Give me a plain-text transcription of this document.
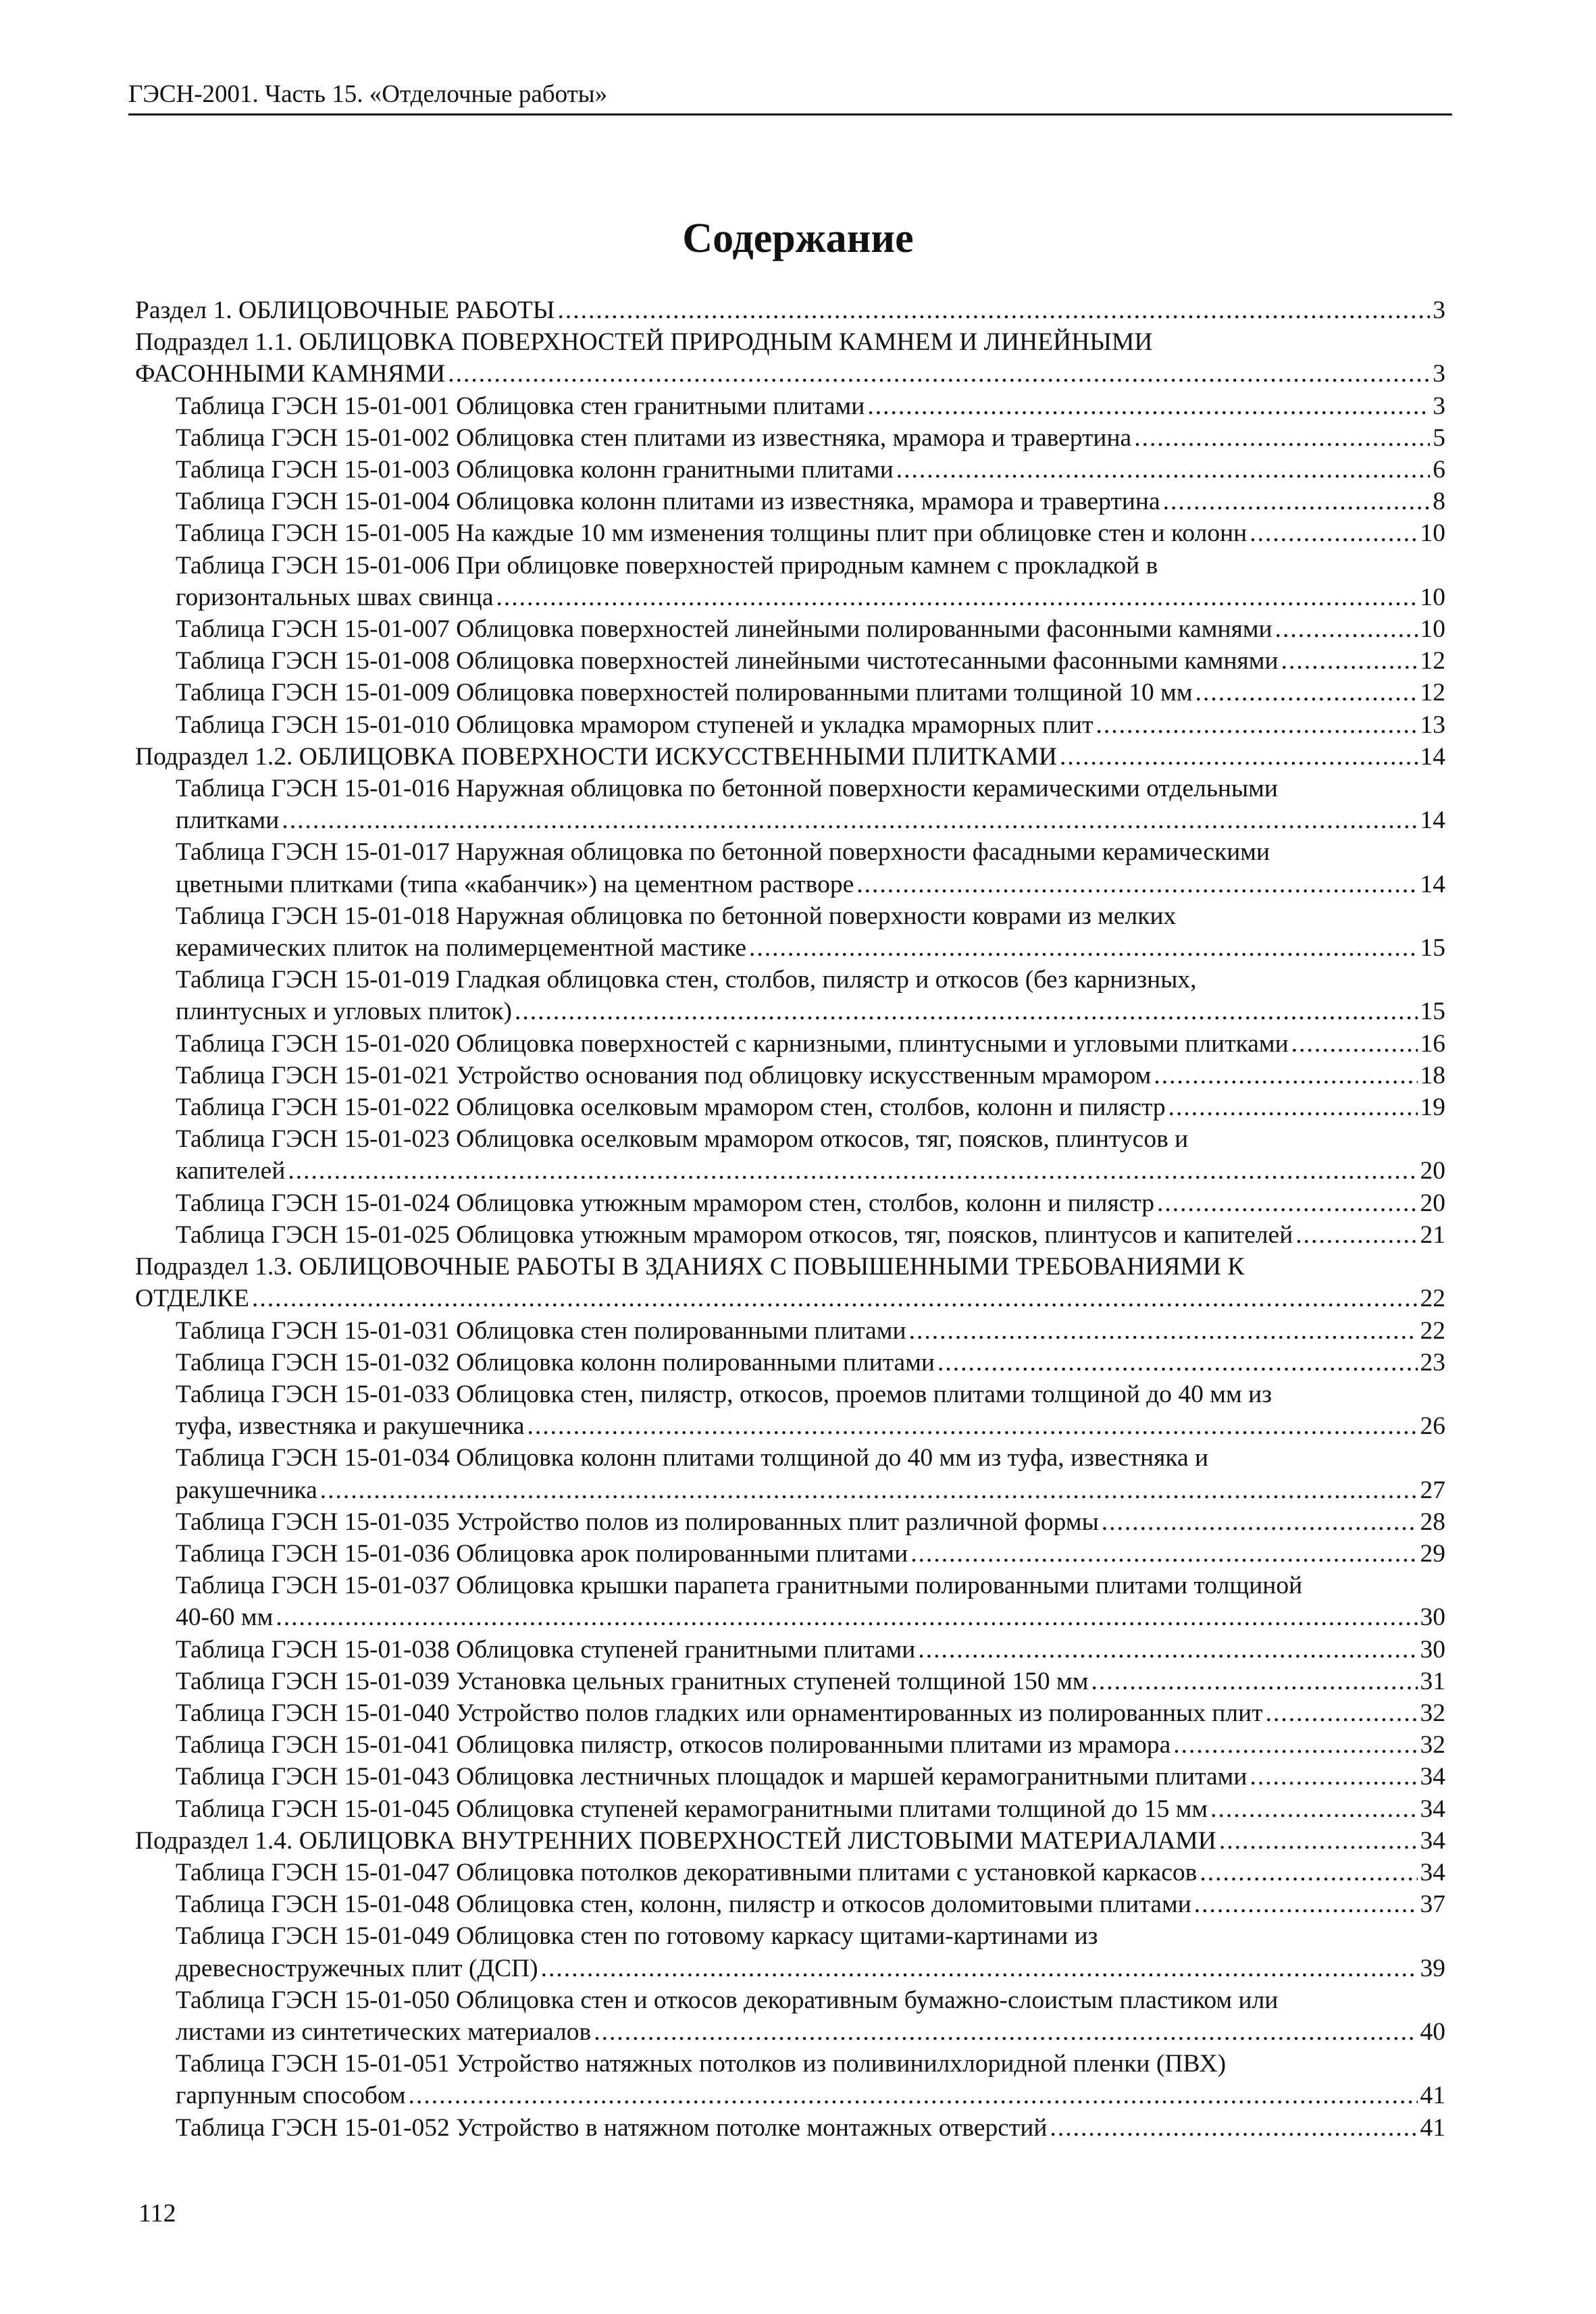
ГЭСН-2001. Часть 15. «Отделочные работы»
Содержание
Раздел 1. ОБЛИЦОВОЧНЫЕ РАБОТЫ .....	3
Подраздел 1.1. ОБЛИЦОВКА ПОВЕРХНОСТЕЙ ПРИРОДНЫМ КАМНЕМ И ЛИНЕЙНЫМИ
ФАСОННЫМИ КАМНЯМИ .....	3
Таблица ГЭСН 15-01-001 Облицовка стен гранитными плитами .....	3
Таблица ГЭСН 15-01-002 Облицовка стен плитами из известняка, мрамора и травертина .....	5
Таблица ГЭСН 15-01-003 Облицовка колонн гранитными плитами .....	6
Таблица ГЭСН 15-01-004 Облицовка колонн плитами из известняка, мрамора и травертина .....	8
Таблица ГЭСН 15-01-005 На каждые 10 мм изменения толщины плит при облицовке стен и колонн .....	10
Таблица ГЭСН 15-01-006 При облицовке поверхностей природным камнем с прокладкой в
горизонтальных швах свинца .....	10
Таблица ГЭСН 15-01-007 Облицовка поверхностей линейными полированными фасонными камнями .....	10
Таблица ГЭСН 15-01-008 Облицовка поверхностей линейными чистотесанными фасонными камнями .....	12
Таблица ГЭСН 15-01-009 Облицовка поверхностей полированными плитами толщиной 10 мм .....	12
Таблица ГЭСН 15-01-010 Облицовка мрамором ступеней и укладка мраморных плит .....	13
Подраздел 1.2. ОБЛИЦОВКА ПОВЕРХНОСТИ ИСКУССТВЕННЫМИ ПЛИТКАМИ .....	14
Таблица ГЭСН 15-01-016 Наружная облицовка по бетонной поверхности керамическими отдельными
плитками .....	14
Таблица ГЭСН 15-01-017 Наружная облицовка по бетонной поверхности фасадными керамическими
цветными плитками (типа «кабанчик») на цементном растворе .....	14
Таблица ГЭСН 15-01-018 Наружная облицовка по бетонной поверхности коврами из мелких
керамических плиток на полимерцементной мастике .....	15
Таблица ГЭСН 15-01-019 Гладкая облицовка стен, столбов, пилястр и откосов (без карнизных,
плинтусных и угловых плиток) .....	15
Таблица ГЭСН 15-01-020 Облицовка поверхностей с карнизными, плинтусными и угловыми плитками .....	16
Таблица ГЭСН 15-01-021 Устройство основания под облицовку искусственным мрамором .....	18
Таблица ГЭСН 15-01-022 Облицовка оселковым мрамором стен, столбов, колонн и пилястр .....	19
Таблица ГЭСН 15-01-023 Облицовка оселковым мрамором откосов, тяг, поясков, плинтусов и
капителей .....	20
Таблица ГЭСН 15-01-024 Облицовка утюжным мрамором стен, столбов, колонн и пилястр .....	20
Таблица ГЭСН 15-01-025 Облицовка утюжным мрамором откосов, тяг, поясков, плинтусов и капителей .....	21
Подраздел 1.3. ОБЛИЦОВОЧНЫЕ РАБОТЫ В ЗДАНИЯХ С ПОВЫШЕННЫМИ ТРЕБОВАНИЯМИ К
ОТДЕЛКЕ .....	22
Таблица ГЭСН 15-01-031 Облицовка стен полированными плитами .....	22
Таблица ГЭСН 15-01-032 Облицовка колонн полированными плитами .....	23
Таблица ГЭСН 15-01-033 Облицовка стен, пилястр, откосов, проемов плитами толщиной до 40 мм из
туфа, известняка и ракушечника .....	26
Таблица ГЭСН 15-01-034 Облицовка колонн плитами толщиной до 40 мм из туфа, известняка и
ракушечника .....	27
Таблица ГЭСН 15-01-035 Устройство полов из полированных плит различной формы .....	28
Таблица ГЭСН 15-01-036 Облицовка арок полированными плитами .....	29
Таблица ГЭСН 15-01-037 Облицовка крышки парапета гранитными полированными плитами толщиной
40-60 мм .....	30
Таблица ГЭСН 15-01-038 Облицовка ступеней гранитными плитами .....	30
Таблица ГЭСН 15-01-039 Установка цельных гранитных ступеней толщиной 150 мм .....	31
Таблица ГЭСН 15-01-040 Устройство полов гладких или орнаментированных из полированных плит .....	32
Таблица ГЭСН 15-01-041 Облицовка пилястр, откосов полированными плитами из мрамора .....	32
Таблица ГЭСН 15-01-043 Облицовка лестничных площадок и маршей керамогранитными плитами .....	34
Таблица ГЭСН 15-01-045 Облицовка ступеней керамогранитными плитами толщиной до 15 мм .....	34
Подраздел 1.4. ОБЛИЦОВКА ВНУТРЕННИХ ПОВЕРХНОСТЕЙ ЛИСТОВЫМИ МАТЕРИАЛАМИ .....	34
Таблица ГЭСН 15-01-047 Облицовка потолков декоративными плитами с установкой каркасов .....	34
Таблица ГЭСН 15-01-048 Облицовка стен, колонн, пилястр и откосов доломитовыми плитами .....	37
Таблица ГЭСН 15-01-049 Облицовка стен по готовому каркасу щитами-картинами из
древесностружечных плит (ДСП) .....	39
Таблица ГЭСН 15-01-050 Облицовка стен и откосов декоративным бумажно-слоистым пластиком или
листами из синтетических материалов .....	40
Таблица ГЭСН 15-01-051 Устройство натяжных потолков из поливинилхлоридной пленки (ПВХ)
гарпунным способом .....	41
Таблица ГЭСН 15-01-052 Устройство в натяжном потолке монтажных отверстий .....	41
112
